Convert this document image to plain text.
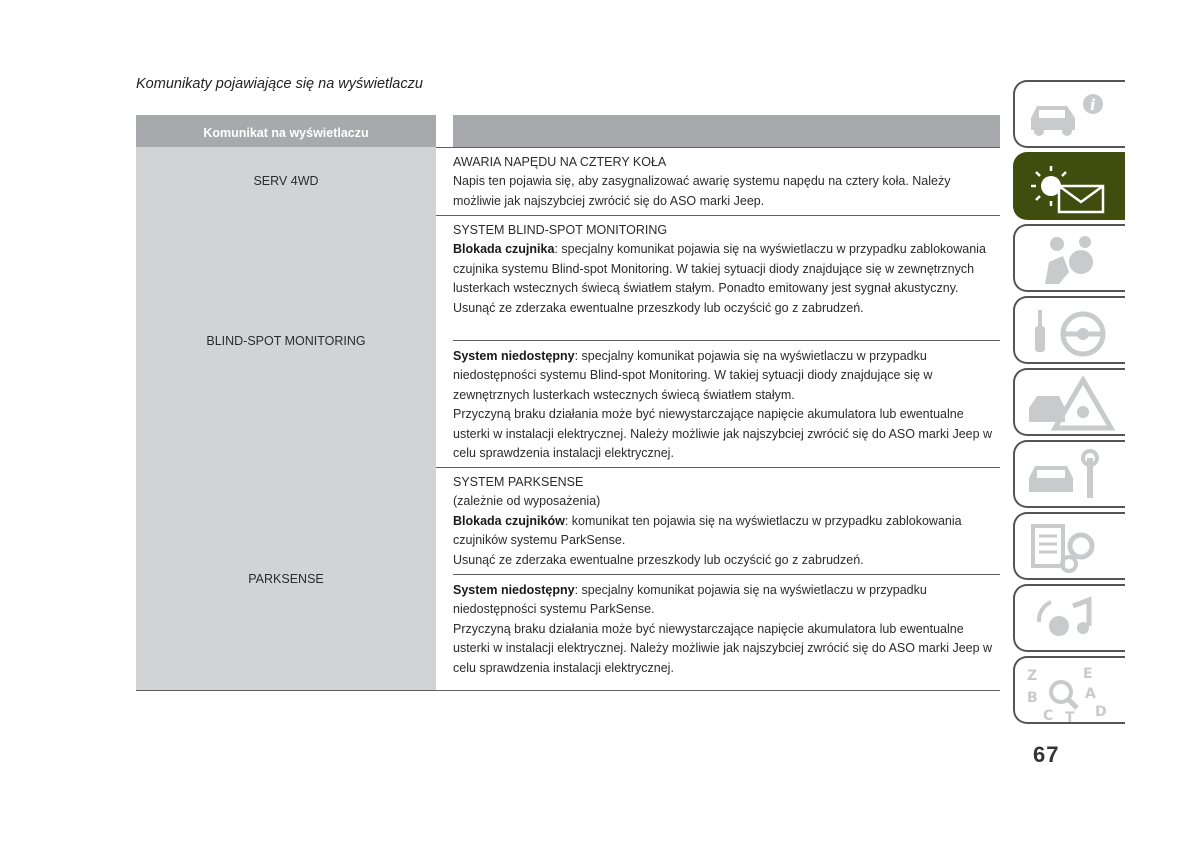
Komunikaty pojawiające się na wyświetlaczu
Komunikat na wyświetlaczu
SERV 4WD

AWARIA NAPĘDU NA CZTERY KOŁA

Napis ten pojawia się, aby zasygnalizować awarię systemu napędu na cztery koła. Należy możliwie jak najszybciej zwrócić się do ASO marki Jeep.

BLIND-SPOT MONITORING

SYSTEM BLIND-SPOT MONITORING

Blokada czujnika: specjalny komunikat pojawia się na wyświetlaczu w przypadku zablokowania czujnika systemu Blind-spot Monitoring. W takiej sytuacji diody znajdujące się w zewnętrznych lusterkach wstecznych świecą światłem stałym. Ponadto emitowany jest sygnał akustyczny.

Usunąć ze zderzaka ewentualne przeszkody lub oczyścić go z zabrudzeń.

System niedostępny: specjalny komunikat pojawia się na wyświetlaczu w przypadku niedostępności systemu Blind-spot Monitoring. W takiej sytuacji diody znajdujące się w zewnętrznych lusterkach wstecznych świecą światłem stałym.

Przyczyną braku działania może być niewystarczające napięcie akumulatora lub ewentualne usterki w instalacji elektrycznej. Należy możliwie jak najszybciej zwrócić się do ASO marki Jeep w celu sprawdzenia instalacji elektrycznej.

PARKSENSE

SYSTEM PARKSENSE

(zależnie od wyposażenia)

Blokada czujników: komunikat ten pojawia się na wyświetlaczu w przypadku zablokowania czujników systemu ParkSense.

Usunąć ze zderzaka ewentualne przeszkody lub oczyścić go z zabrudzeń.

System niedostępny: specjalny komunikat pojawia się na wyświetlaczu w przypadku niedostępności systemu ParkSense.

Przyczyną braku działania może być niewystarczające napięcie akumulatora lub ewentualne usterki w instalacji elektrycznej. Należy możliwie jak najszybciej zwrócić się do ASO marki Jeep w celu sprawdzenia instalacji elektrycznej.

i
Z	E
A
B
C T D
67
